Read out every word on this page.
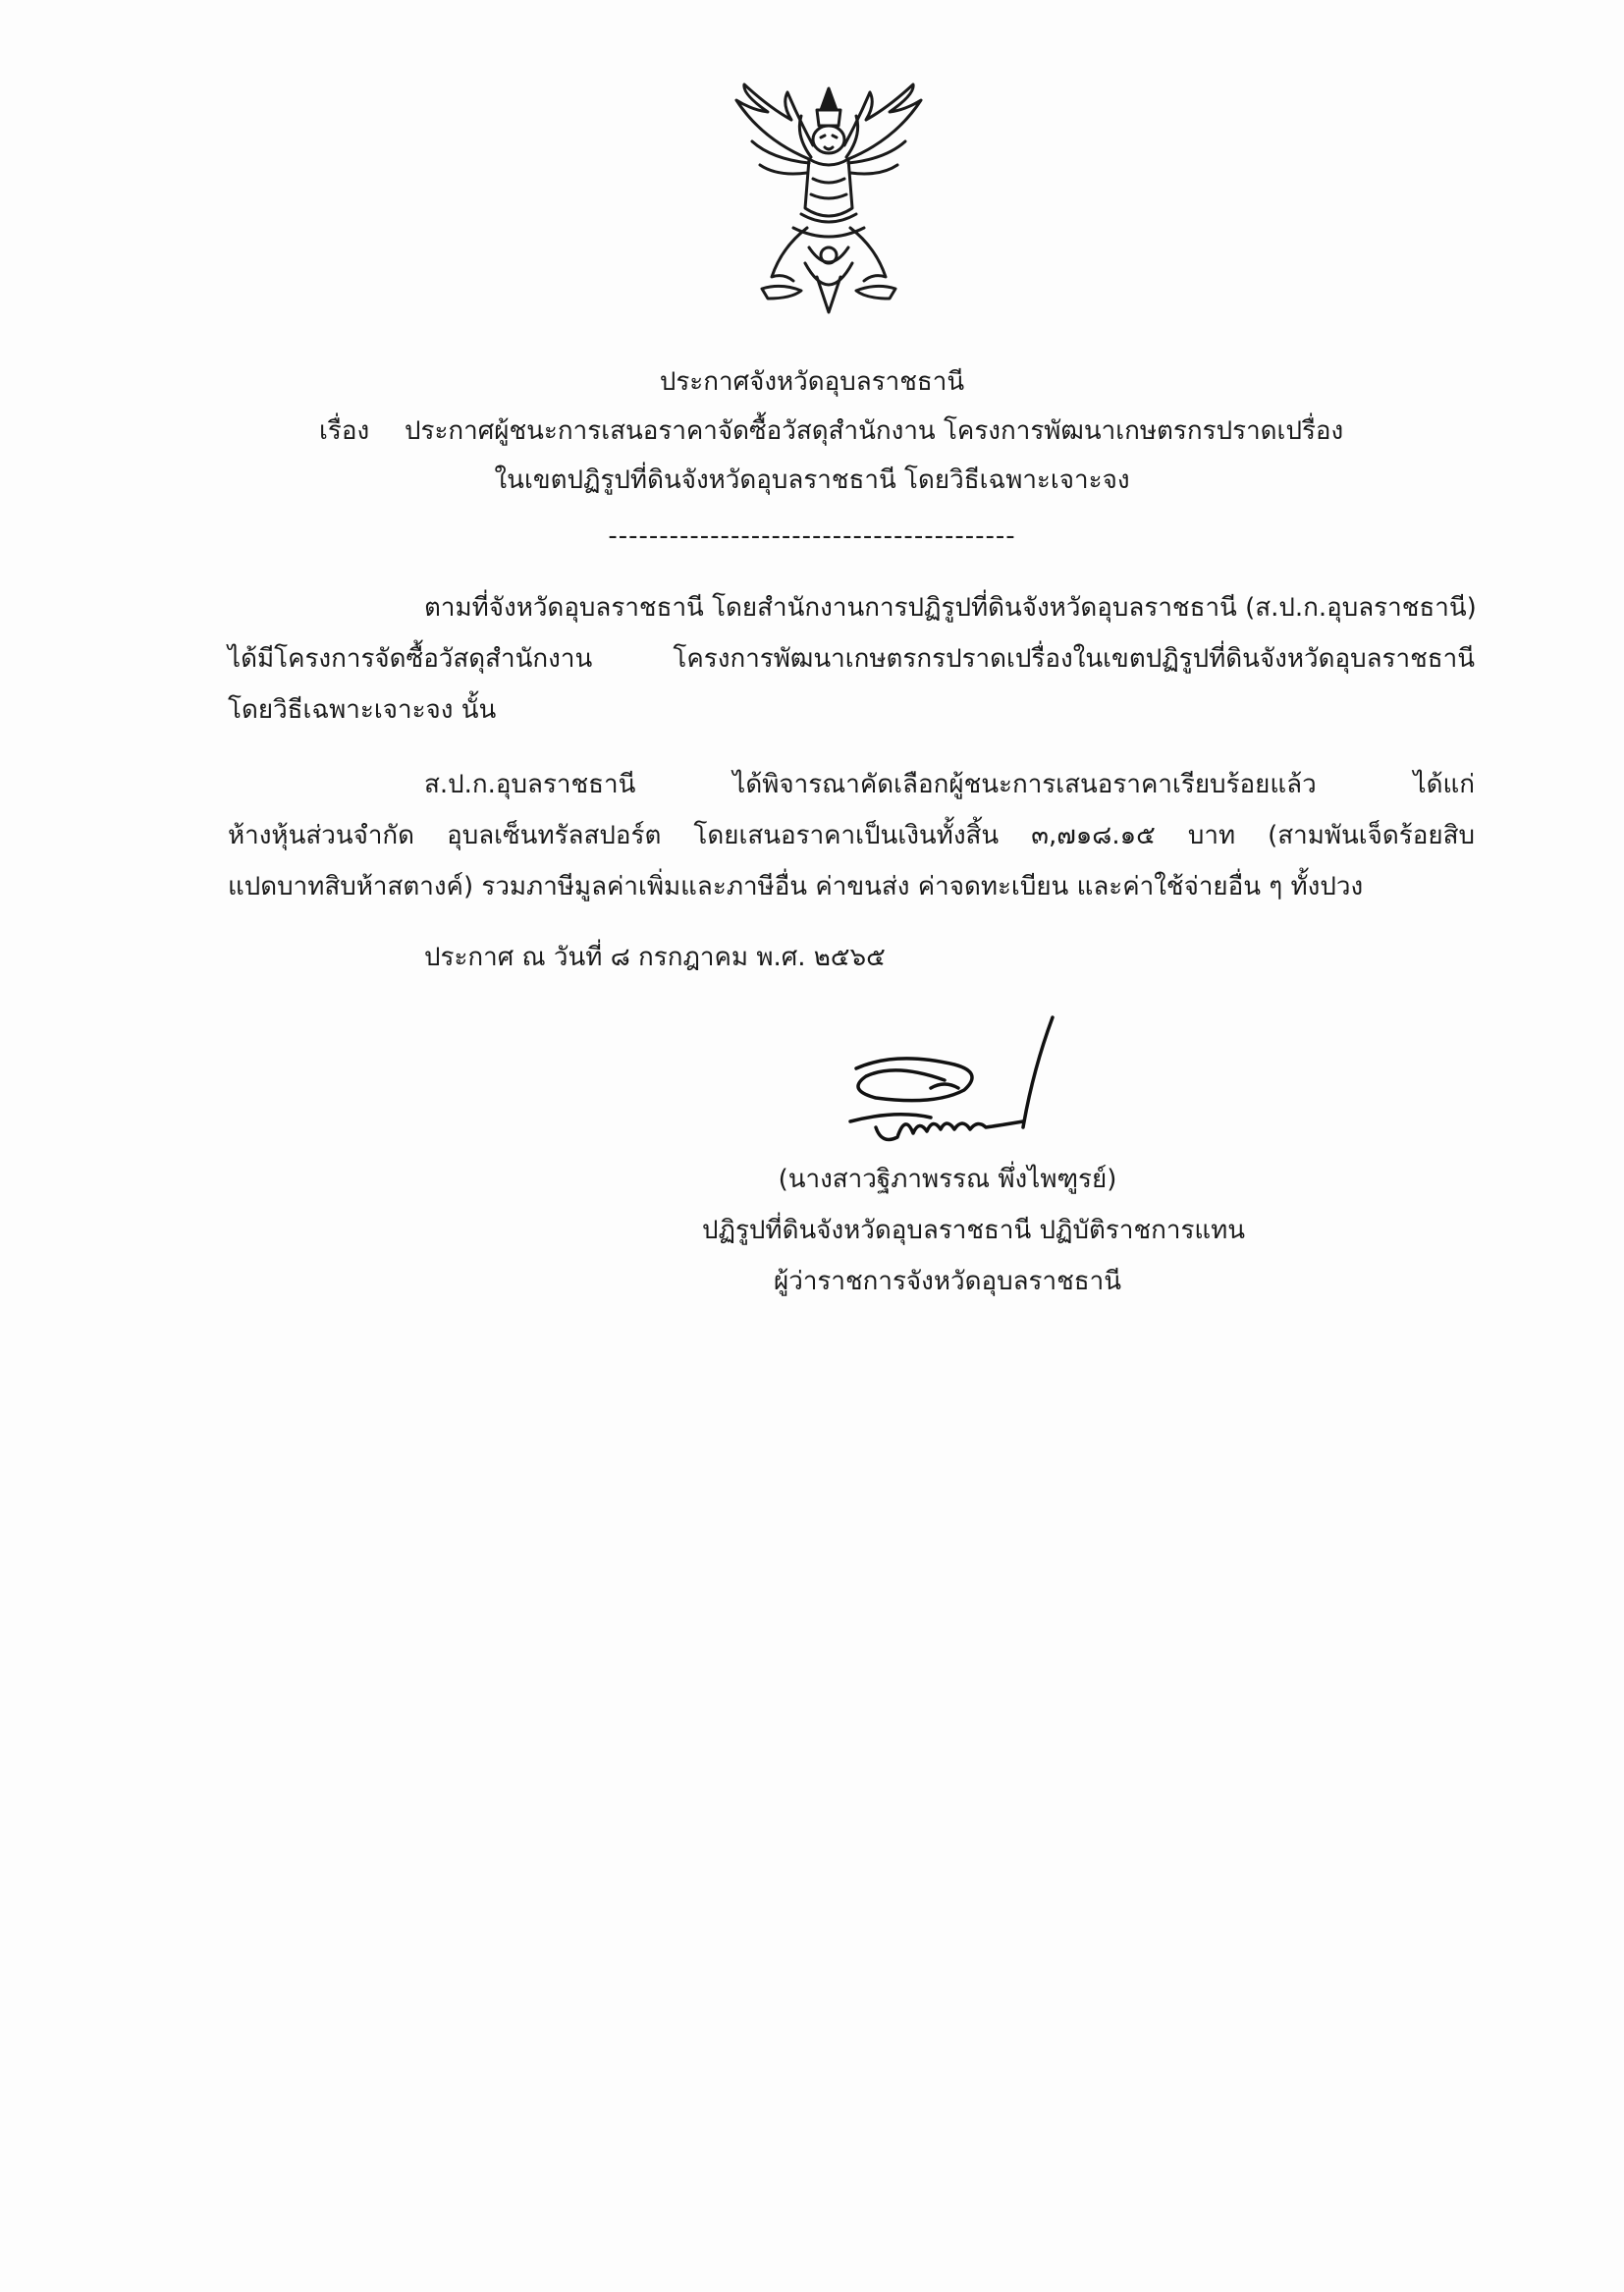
ประกาศจังหวัดอุบลราชธานี
เรื่อง ประกาศผู้ชนะการเสนอราคาจัดซื้อวัสดุสำนักงาน โครงการพัฒนาเกษตรกรปราดเปรื่อง
ในเขตปฏิรูปที่ดินจังหวัดอุบลราชธานี โดยวิธีเฉพาะเจาะจง
----------------------------------------
ตามที่จังหวัดอุบลราชธานี โดยสำนักงานการปฏิรูปที่ดินจังหวัดอุบลราชธานี (ส.ป.ก.อุบลราชธานี)
ได้มีโครงการจัดซื้อวัสดุสำนักงาน โครงการพัฒนาเกษตรกรปราดเปรื่องในเขตปฏิรูปที่ดินจังหวัดอุบลราชธานี
โดยวิธีเฉพาะเจาะจง นั้น
ส.ป.ก.อุบลราชธานี ได้พิจารณาคัดเลือกผู้ชนะการเสนอราคาเรียบร้อยแล้ว ได้แก่
ห้างหุ้นส่วนจำกัด อุบลเซ็นทรัลสปอร์ต โดยเสนอราคาเป็นเงินทั้งสิ้น ๓,๗๑๘.๑๕ บาท (สามพันเจ็ดร้อยสิบ
แปดบาทสิบห้าสตางค์) รวมภาษีมูลค่าเพิ่มและภาษีอื่น ค่าขนส่ง ค่าจดทะเบียน และค่าใช้จ่ายอื่น ๆ ทั้งปวง
ประกาศ ณ วันที่ ๘ กรกฎาคม พ.ศ. ๒๕๖๕
(นางสาวฐิภาพรรณ พึ่งไพฑูรย์)
ปฏิรูปที่ดินจังหวัดอุบลราชธานี ปฏิบัติราชการแทน
ผู้ว่าราชการจังหวัดอุบลราชธานี
